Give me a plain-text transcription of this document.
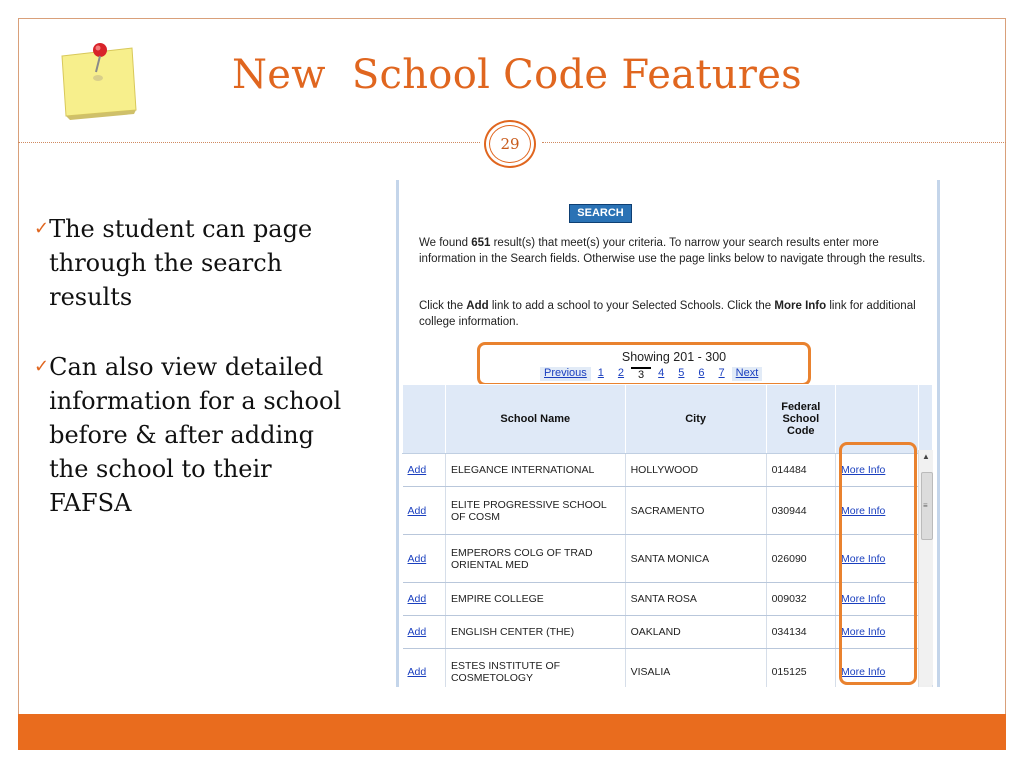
New  School Code Features
29
✓ The student can page through the search results
✓ Can also view detailed information for a school before & after adding the school to their FAFSA
SEARCH
We found 651 result(s) that meet(s) your criteria. To narrow your search results enter more information in the Search fields. Otherwise use the page links below to navigate through the results.
Click the Add link to add a school to your Selected Schools. Click the More Info link for additional college information.
Showing 201 - 300
Previous	1	2	3	4	5	6	7	Next
	School Name	City	Federal School Code		
Add	ELEGANCE INTERNATIONAL	HOLLYWOOD	014484	More Info	
Add	ELITE PROGRESSIVE SCHOOL OF COSM	SACRAMENTO	030944	More Info	
Add	EMPERORS COLG OF TRAD ORIENTAL MED	SANTA MONICA	026090	More Info	
Add	EMPIRE COLLEGE	SANTA ROSA	009032	More Info	
Add	ENGLISH CENTER (THE)	OAKLAND	034134	More Info	
Add	ESTES INSTITUTE OF COSMETOLOGY	VISALIA	015125	More Info	
▲
≡
